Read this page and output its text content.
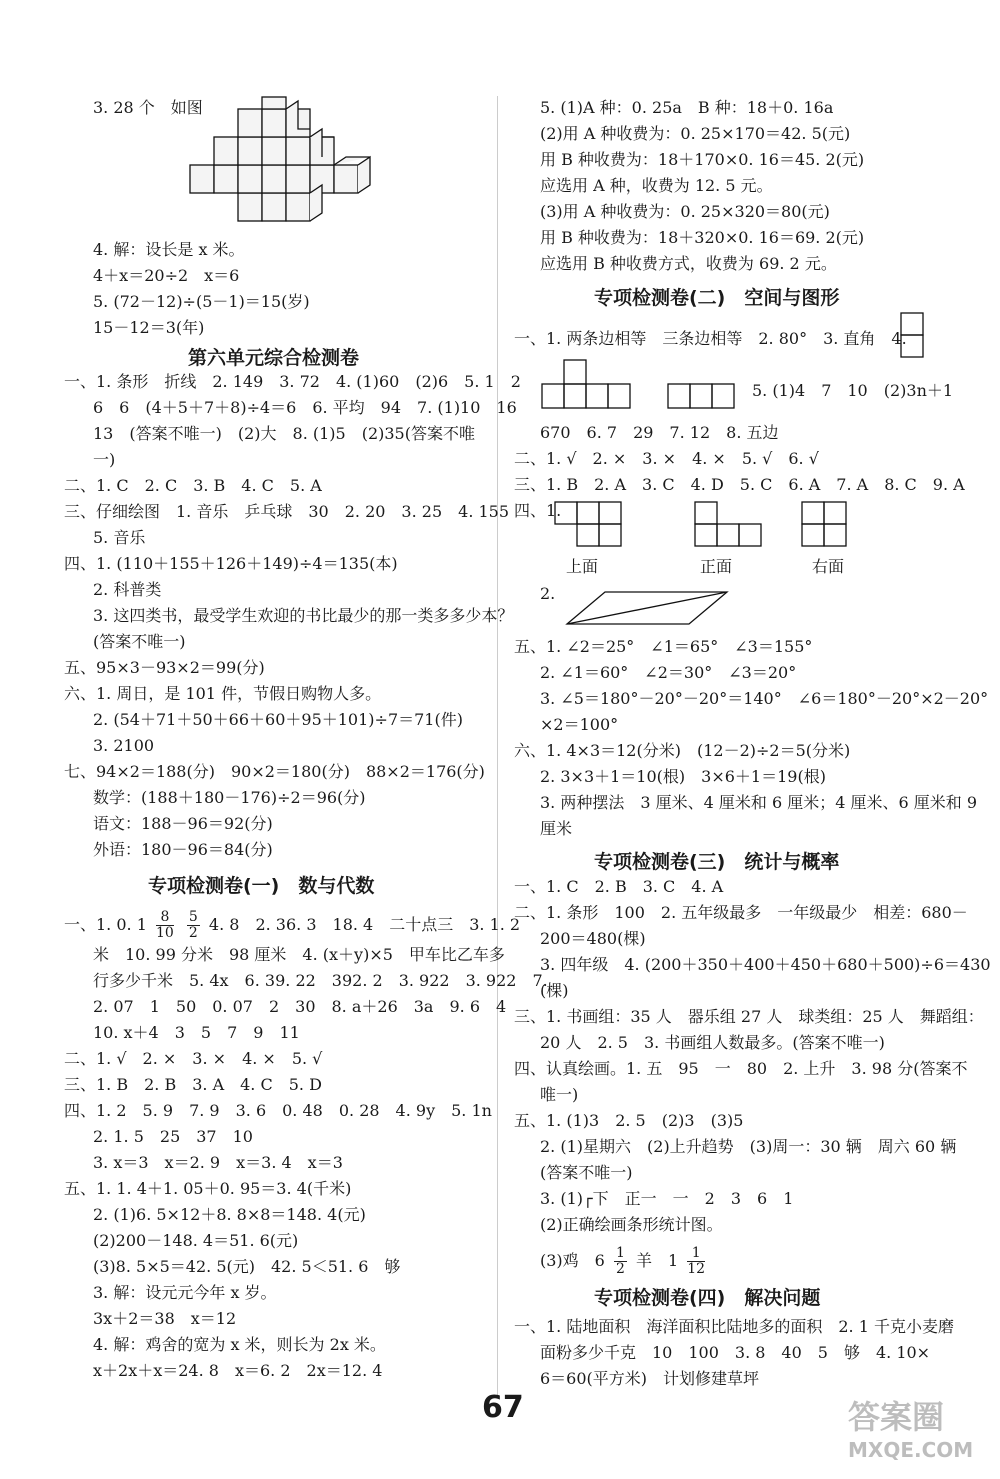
3. 28 个　如图
4. 解：设长是 x 米。
4＋x＝20÷2　x＝6
5. (72－12)÷(5－1)＝15(岁)
15－12＝3(年)
第六单元综合检测卷
一、1. 条形　折线　2. 149　3. 72　4. (1)60　(2)6　5. 1　2
6　6　(4＋5＋7＋8)÷4＝6　6. 平均　94　7. (1)10　16
13　(答案不唯一)　(2)大　8. (1)5　(2)35(答案不唯
一)
二、1. C　2. C　3. B　4. C　5. A
三、仔细绘图　1. 音乐　乒乓球　30　2. 20　3. 25　4. 155
5. 音乐
四、1. (110＋155＋126＋149)÷4＝135(本)
2. 科普类
3. 这四类书，最受学生欢迎的书比最少的那一类多多少本？
(答案不唯一)
五、95×3－93×2＝99(分)
六、1. 周日，是 101 件，节假日购物人多。
2. (54＋71＋50＋66＋60＋95＋101)÷7＝71(件)
3. 2100
七、94×2＝188(分)　90×2＝180(分)　88×2＝176(分)
数学：(188＋180－176)÷2＝96(分)
语文：188－96＝92(分)
外语：180－96＝84(分)
专项检测卷(一)　数与代数
一、1. 0. $1 \frac{8}{10}$
$\frac{5}{2} 4$. 8　2. 36. 3　18. 4　二十点三　3. 1. 2
米　10. 99 分米　98 厘米　4. (x＋y)×5　甲车比乙车多
行多少千米　5. 4x　6. 39. 22　392. 2　3. 922　3. 922　7.
2. 07　1　50　0. 07　2　30　8. a＋26　3a　9. 6　4
10. x＋4　3　5　7　9　11
二、1. √　2. ×　3. ×　4. ×　5. √
三、1. B　2. B　3. A　4. C　5. D
四、1. 2　5. 9　7. 9　3. 6　0. 48　0. 28　4. 9y　5. 1n
2. 1. 5　25　37　10
3. x＝3　x＝2. 9　x＝3. 4　x＝3
五、1. 1. 4＋1. 05＋0. 95＝3. 4(千米)
2. (1)6. 5×12＋8. 8×8＝148. 4(元)
(2)200－148. 4＝51. 6(元)
(3)8. 5×5＝42. 5(元)　42. 5＜51. 6　够
3. 解：设元元今年 x 岁。
3x＋2＝38　x＝12
4. 解：鸡舍的宽为 x 米，则长为 2x 米。
x＋2x＋x＝24. 8　x＝6. 2　2x＝12. 4
5. (1)A 种：0. 25a　B 种：18＋0. 16a
(2)用 A 种收费为：0. 25×170＝42. 5(元)
用 B 种收费为：18＋170×0. 16＝45. 2(元)
应选用 A 种，收费为 12. 5 元。
(3)用 A 种收费为：0. 25×320＝80(元)
用 B 种收费为：18＋320×0. 16＝69. 2(元)
应选用 B 种收费方式，收费为 69. 2 元。
专项检测卷(二)　空间与图形
一、1. 两条边相等　三条边相等　2. 80°　3. 直角　4.
5. (1)4　7　10　(2)3n＋1
670　6. 7　29　7. 12　8. 五边
二、1. √　2. ×　3. ×　4. ×　5. √　6. √
三、1. B　2. A　3. C　4. D　5. C　6. A　7. A　8. C　9. A
四、1.
上面	正面	右面
2.
五、1. ∠2＝25°　∠1＝65°　∠3＝155°
2. ∠1＝60°　∠2＝30°　∠3＝20°
3. ∠5＝180°－20°－20°＝140°　∠6＝180°－20°×2－20°
×2＝100°
六、1. 4×3＝12(分米)　(12－2)÷2＝5(分米)
2. 3×3＋1＝10(根)　3×6＋1＝19(根)
3. 两种摆法　3 厘米、4 厘米和 6 厘米；4 厘米、6 厘米和 9
厘米
专项检测卷(三)　统计与概率
一、1. C　2. B　3. C　4. A
二、1. 条形　100　2. 五年级最多　一年级最少　相差：680－
200＝480(棵)
3. 四年级　4. (200＋350＋400＋450＋680＋500)÷6＝430
(棵)
三、1. 书画组：35 人　器乐组 27 人　球类组：25 人　舞蹈组：
20 人　2. 5　3. 书画组人数最多。(答案不唯一)
四、认真绘画。1. 五　95　一　80　2. 上升　3. 98 分(答案不
唯一)
五、1. (1)3　2. 5　(2)3　(3)5
2. (1)星期六　(2)上升趋势　(3)周一：30 辆　周六 60 辆
(答案不唯一)
3. (1)┌下　正一　一　2　3　6　1
(2)正确绘画条形统计图。
(3)鸡　$6 \frac{1}{2}$ 羊　$1 \frac{1}{12}$
专项检测卷(四)　解决问题
一、1. 陆地面积　海洋面积比陆地多的面积　2. 1 千克小麦磨
面粉多少千克　10　100　3. 8　40　5　够　4. 10×
6＝60(平方米)　计划修建草坪
67	答案圈
MXQE.COM
